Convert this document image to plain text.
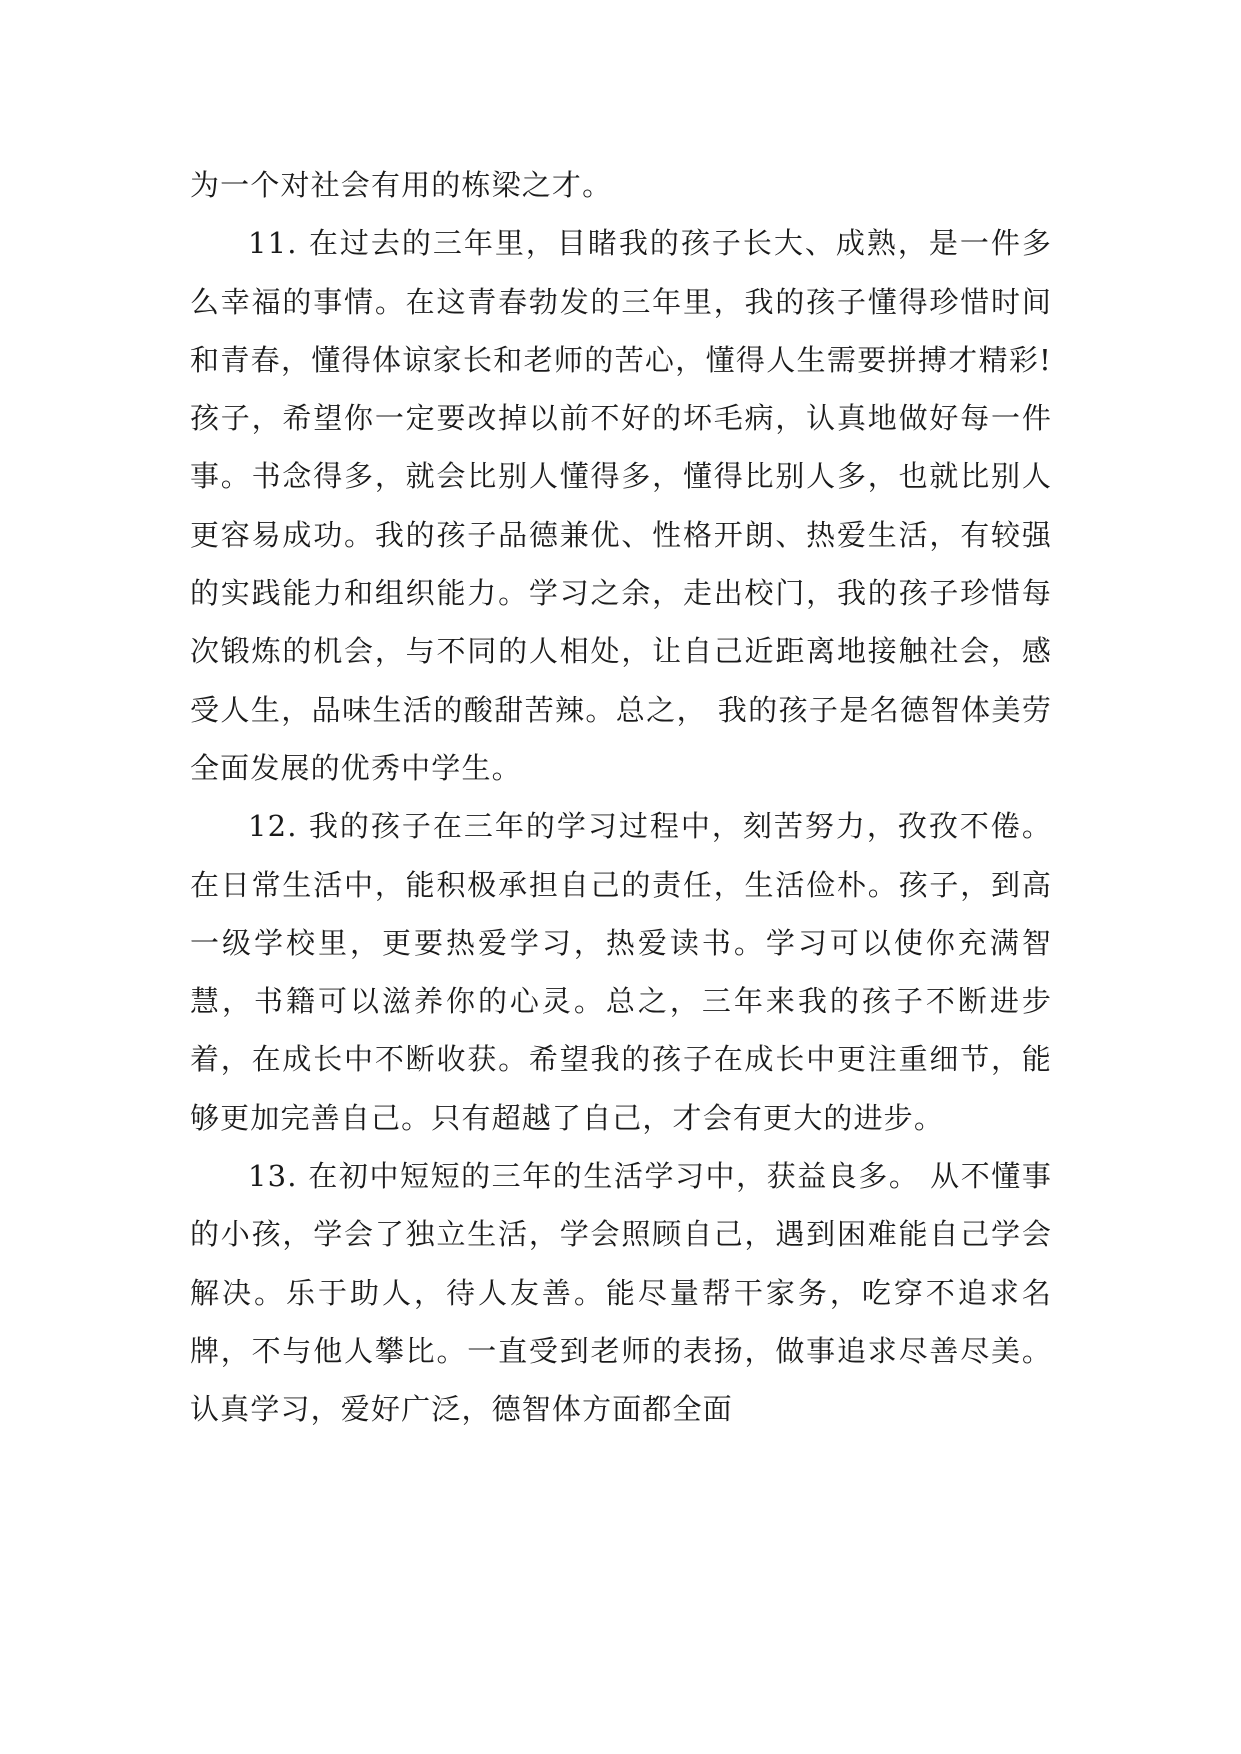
为一个对社会有用的栋梁之才。

11. 在过去的三年里，目睹我的孩子长大、成熟，是一件多么幸福的事情。在这青春勃发的三年里，我的孩子懂得珍惜时间和青春，懂得体谅家长和老师的苦心，懂得人生需要拼搏才精彩!孩子，希望你一定要改掉以前不好的坏毛病，认真地做好每一件事。书念得多，就会比别人懂得多，懂得比别人多，也就比别人更容易成功。我的孩子品德兼优、性格开朗、热爱生活，有较强的实践能力和组织能力。学习之余，走出校门，我的孩子珍惜每次锻炼的机会，与不同的人相处，让自己近距离地接触社会，感受人生，品味生活的酸甜苦辣。总之， 我的孩子是名德智体美劳全面发展的优秀中学生。

12. 我的孩子在三年的学习过程中，刻苦努力，孜孜不倦。在日常生活中，能积极承担自己的责任，生活俭朴。孩子，到高一级学校里，更要热爱学习，热爱读书。学习可以使你充满智慧，书籍可以滋养你的心灵。总之，三年来我的孩子不断进步着，在成长中不断收获。希望我的孩子在成长中更注重细节，能够更加完善自己。只有超越了自己，才会有更大的进步。

13. 在初中短短的三年的生活学习中，获益良多。 从不懂事的小孩，学会了独立生活，学会照顾自己，遇到困难能自己学会解决。乐于助人，待人友善。能尽量帮干家务，吃穿不追求名牌，不与他人攀比。一直受到老师的表扬，做事追求尽善尽美。认真学习，爱好广泛，德智体方面都全面
